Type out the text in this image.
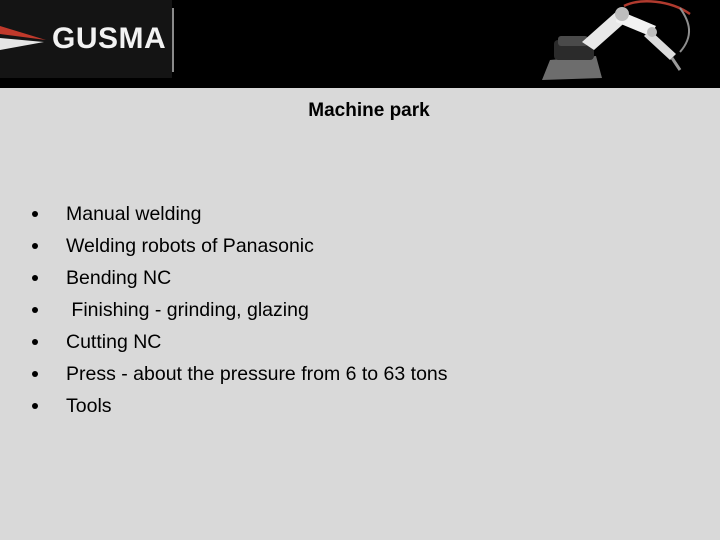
GUSMA
Machine park
Manual welding
Welding robots of Panasonic
Bending NC
Finishing - grinding, glazing
Cutting NC
Press - about the pressure from 6 to 63 tons
Tools
